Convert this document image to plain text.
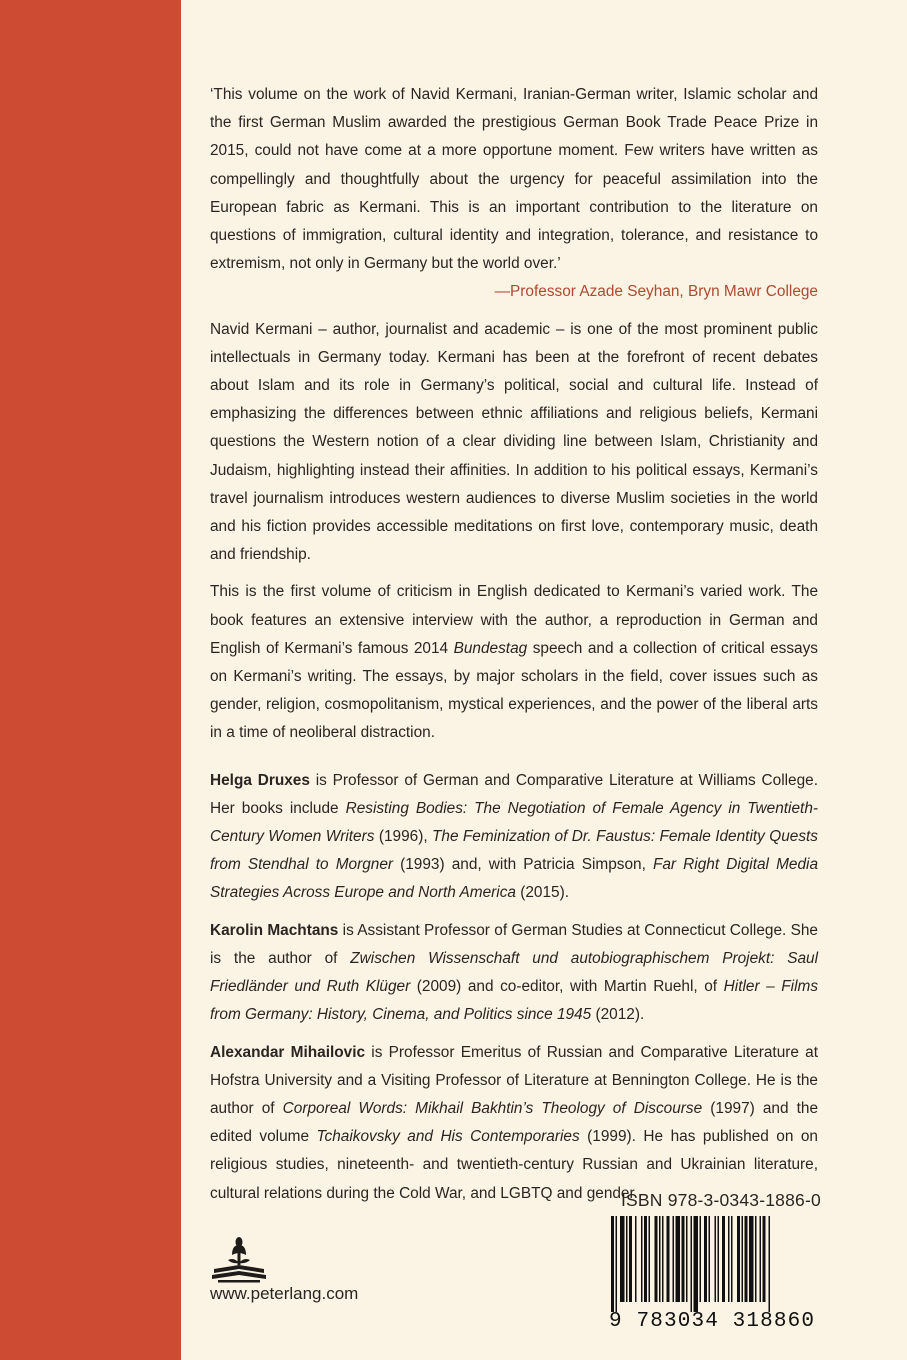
‘This volume on the work of Navid Kermani, Iranian-German writer, Islamic scholar and the first German Muslim awarded the prestigious German Book Trade Peace Prize in 2015, could not have come at a more opportune moment. Few writers have written as compellingly and thoughtfully about the urgency for peaceful assimilation into the European fabric as Kermani. This is an important contribution to the literature on questions of immigration, cultural identity and integration, tolerance, and resistance to extremism, not only in Germany but the world over.’

—Professor Azade Seyhan, Bryn Mawr College

Navid Kermani – author, journalist and academic – is one of the most prominent public intellectuals in Germany today. Kermani has been at the forefront of recent debates about Islam and its role in Germany’s political, social and cultural life. Instead of emphasizing the differences between ethnic affiliations and religious beliefs, Kermani questions the Western notion of a clear dividing line between Islam, Christianity and Judaism, highlighting instead their affinities. In addition to his political essays, Kermani’s travel journalism introduces western audiences to diverse Muslim societies in the world and his fiction provides accessible meditations on first love, contemporary music, death and friendship.

This is the first volume of criticism in English dedicated to Kermani’s varied work. The book features an extensive interview with the author, a reproduction in German and English of Kermani’s famous 2014 Bundestag speech and a collection of critical essays on Kermani’s writing. The essays, by major scholars in the field, cover issues such as gender, religion, cosmopolitanism, mystical experiences, and the power of the liberal arts in a time of neoliberal distraction.

Helga Druxes is Professor of German and Comparative Literature at Williams College. Her books include Resisting Bodies: The Negotiation of Female Agency in Twentieth-Century Women Writers (1996), The Feminization of Dr. Faustus: Female Identity Quests from Stendhal to Morgner (1993) and, with Patricia Simpson, Far Right Digital Media Strategies Across Europe and North America (2015).

Karolin Machtans is Assistant Professor of German Studies at Connecticut College. She is the author of Zwischen Wissenschaft und autobiographischem Projekt: Saul Friedländer und Ruth Klüger (2009) and co-editor, with Martin Ruehl, of Hitler – Films from Germany: History, Cinema, and Politics since 1945 (2012).

Alexandar Mihailovic is Professor Emeritus of Russian and Comparative Literature at Hofstra University and a Visiting Professor of Literature at Bennington College. He is the author of Corporeal Words: Mikhail Bakhtin’s Theology of Discourse (1997) and the edited volume Tchaikovsky and His Contemporaries (1999). He has published on on religious studies, nineteenth- and twentieth-century Russian and Ukrainian literature, cultural relations during the Cold War, and LGBTQ and gender.

www.peterlang.com
ISBN 978-3-0343-1886-0
9 783034 318860
